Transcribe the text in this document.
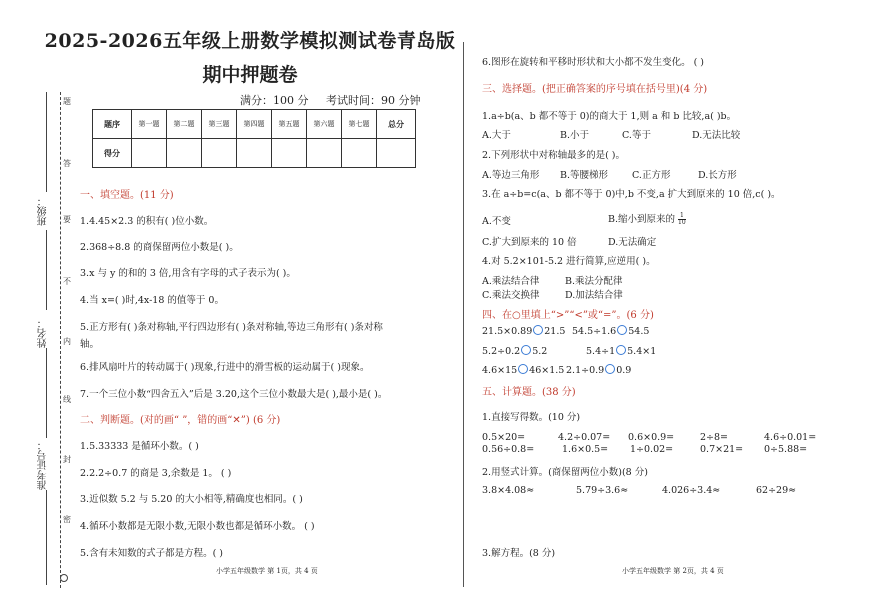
班级：
姓名：
准考证号：
题
答
要
不
内
线
封
密
2025-2026五年级上册数学模拟测试卷青岛版
期中押题卷
满分：100 分 考试时间：90 分钟
题序	第一题	第二题	第三题	第四题	第五题	第六题	第七题	总分
得分								
一、填空题。(11 分)
1.4.45×2.3 的积有( )位小数。
2.368÷8.8 的商保留两位小数是( )。
3.x 与 y 的和的 3 倍,用含有字母的式子表示为( )。
4.当 x=( )时,4x-18 的值等于 0。
5.正方形有( )条对称轴,平行四边形有( )条对称轴,等边三角形有( )条对称
轴。
6.排风扇叶片的转动属于( )现象,行进中的滑雪板的运动属于( )现象。
7.一个三位小数“四舍五入”后是 3.20,这个三位小数最大是( ),最小是( )。
二、判断题。(对的画“ ”，错的画“✕”) (6 分)
1.5.33333 是循环小数。( )
2.2.2÷0.7 的商是 3,余数是 1。 ( )
3.近似数 5.2 与 5.20 的大小相等,精确度也相同。( )
4.循环小数都是无限小数,无限小数也都是循环小数。 ( )
5.含有未知数的式子都是方程。( )
小学五年级数学 第 1页，共 4 页
6.图形在旋转和平移时形状和大小都不发生变化。 ( )
三、选择题。(把正确答案的序号填在括号里)(4 分)
1.a÷b(a、b 都不等于 0)的商大于 1,则 a 和 b 比较,a( )b。
A.大于	B.小于	C.等于	D.无法比较
2.下列形状中对称轴最多的是( )。
A.等边三角形 B.等腰梯形	C.正方形	D.长方形
3.在 a÷b=c(a、b 都不等于 0)中,b 不变,a 扩大到原来的 10 倍,c( )。
A.不变	B.缩小到原来的 $\frac{1}{10}$
C.扩大到原来的 10 倍	D.无法确定
4.对 5.2×101-5.2 进行简算,应逆用( )。
A.乘法结合律	B.乘法分配律
C.乘法交换律	D.加法结合律
四、在○里填上“>”“<”或“=”。(6 分)
21.5×0.89 21.5 54.5÷1.6 54.5
5.2÷0.2 5.2	5.4÷1 5.4×1
4.6×15 46×1.5 2.1÷0.9 0.9
五、计算题。(38 分)
1.直接写得数。(10 分)
0.5×20=	4.2÷0.07= 0.6×0.9=	2÷8=	4.6÷0.01=
0.56÷0.8=	1.6×0.5= 1÷0.02=	0.7×21= 0÷5.88=
2.用竖式计算。(商保留两位小数)(8 分)
3.8×4.08≈	5.79÷3.6≈	4.026÷3.4≈	62÷29≈
3.解方程。(8 分)
小学五年级数学 第 2页，共 4 页
